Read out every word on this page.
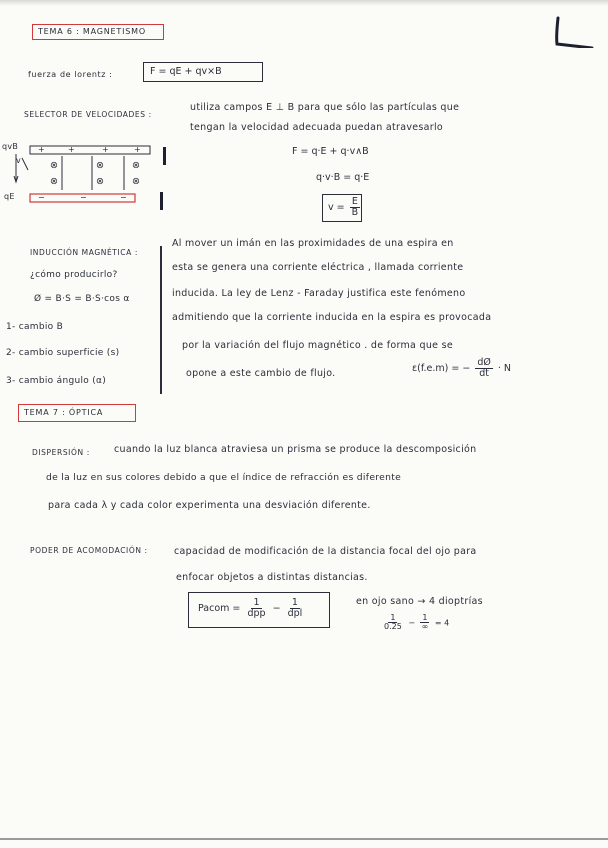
TEMA 6 : MAGNETISMO
fuerza de lorentz :	F = qE + qv×B
SELECTOR DE VELOCIDADES :
utiliza campos E ⊥ B para que sólo las partículas que
tengan la velocidad adecuada puedan atravesarlo
qvB
v
qE
+	+	+	+
−	−	−
⊗	⊗	⊗
⊗	⊗	⊗
F = q·E + q·v∧B
q·v·B = q·E
$v = \frac{E}{B}$
INDUCCIÓN MAGNÉTICA :
¿cómo producirlo?
Ø = B·S = B·S·cos α
1- cambio B
2- cambio superficie (s)
3- cambio ángulo (α)
Al mover un imán en las proximidades de una espira en
esta se genera una corriente eléctrica , llamada corriente
inducida. La ley de Lenz - Faraday justifica este fenómeno
admitiendo que la corriente inducida en la espira es provocada
por la variación del flujo magnético . de forma que se
opone a este cambio de flujo.	ε(f.e.m) = − $\frac{dØ}{dt} \cdot N$
TEMA 7 : ÓPTICA
DISPERSIÓN :	cuando la luz blanca atraviesa un prisma se produce la descomposición
de la luz en sus colores debido a que el índice de refracción es diferente
para cada λ y cada color experimenta una desviación diferente.
PODER DE ACOMODACIÓN :	capacidad de modificación de la distancia focal del ojo para
enfocar objetos a distintas distancias.
Pacom = $\frac{1}{\text{dpp}} - \frac{1}{\text{dpl}}$	en ojo sano → 4 dioptrías
$\frac{1}{0.25} - \frac{1}{\infty} = 4$
